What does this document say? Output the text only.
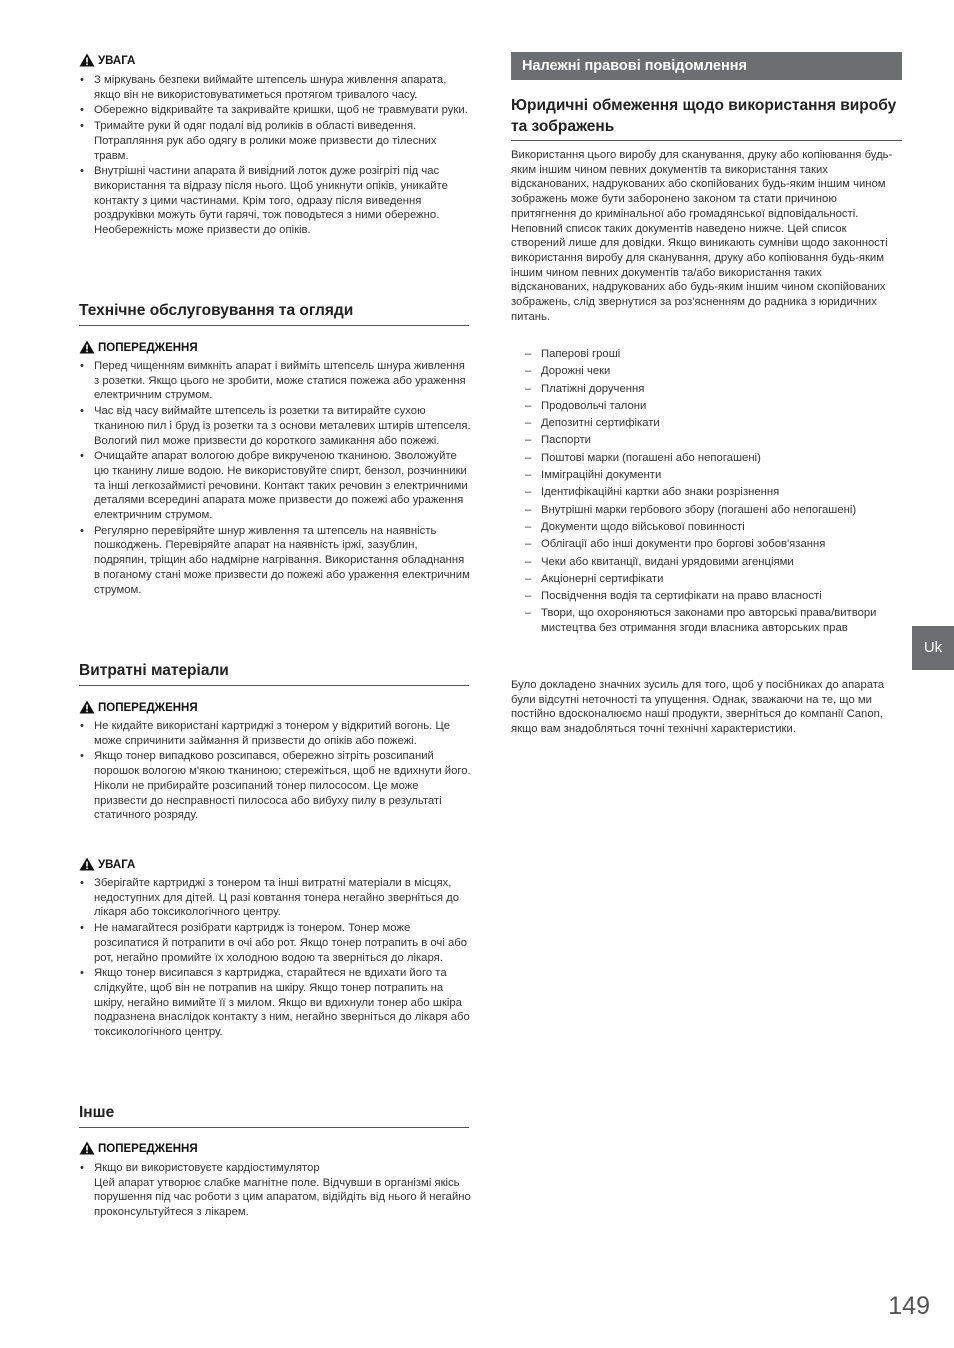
УВАГА
• З міркувань безпеки виймайте штепсель шнура живлення апарата, якщо він не використовуватиметься протягом тривалого часу.
• Обережно відкривайте та закривайте кришки, щоб не травмувати руки.
• Тримайте руки й одяг подалі від роликів в області виведення. Потрапляння рук або одягу в ролики може призвести до тілесних травм.
• Внутрішні частини апарата й вивідний лоток дуже розігріті під час використання та відразу після нього. Щоб уникнути опіків, уникайте контакту з цими частинами. Крім того, одразу після виведення роздруківки можуть бути гарячі, тож поводьтеся з ними обережно. Необережність може призвести до опіків.
Технічне обслуговування та огляди
ПОПЕРЕДЖЕННЯ
• Перед чищенням вимкніть апарат і вийміть штепсель шнура живлення з розетки. Якщо цього не зробити, може статися пожежа або ураження електричним струмом.
• Час від часу виймайте штепсель із розетки та витирайте сухою тканиною пил і бруд із розетки та з основи металевих штирів штепселя. Вологий пил може призвести до короткого замикання або пожежі.
• Очищайте апарат вологою добре викрученою тканиною. Зволожуйте цю тканину лише водою. Не використовуйте спирт, бензол, розчинники та інші легкозаймисті речовини. Контакт таких речовин з електричними деталями всередині апарата може призвести до пожежі або ураження електричним струмом.
• Регулярно перевіряйте шнур живлення та штепсель на наявність пошкоджень. Перевіряйте апарат на наявність іржі, зазублин, подряпин, тріщин або надмірне нагрівання. Використання обладнання в поганому стані може призвести до пожежі або ураження електричним струмом.
Витратні матеріали
ПОПЕРЕДЖЕННЯ
• Не кидайте використані картриджі з тонером у відкритий вогонь. Це може спричинити займання й призвести до опіків або пожежі.
• Якщо тонер випадково розсипався, обережно зітріть розсипаний порошок вологою м'якою тканиною; стережіться, щоб не вдихнути його. Ніколи не прибирайте розсипаний тонер пилососом. Це може призвести до несправності пилососа або вибуху пилу в результаті статичного розряду.
УВАГА
• Зберігайте картриджі з тонером та інші витратні матеріали в місцях, недоступних для дітей. Ц разі ковтання тонера негайно зверніться до лікаря або токсикологічного центру.
• Не намагайтеся розібрати картридж із тонером. Тонер може розсипатися й потрапити в очі або рот. Якщо тонер потрапить в очі або рот, негайно промийте їх холодною водою та зверніться до лікаря.
• Якщо тонер висипався з картриджа, старайтеся не вдихати його та слідкуйте, щоб він не потрапив на шкіру. Якщо тонер потрапить на шкіру, негайно вимийте її з милом. Якщо ви вдихнули тонер або шкіра подразнена внаслідок контакту з ним, негайно зверніться до лікаря або токсикологічного центру.
Інше
ПОПЕРЕДЖЕННЯ
• Якщо ви використовуєте кардіостимулятор
Цей апарат утворює слабке магнітне поле. Відчувши в організмі якісь порушення під час роботи з цим апаратом, відійдіть від нього й негайно проконсультуйтеся з лікарем.
Належні правові повідомлення
Юридичні обмеження щодо використання виробу та зображень

Використання цього виробу для сканування, друку або копіювання будь-яким іншим чином певних документів та використання таких відсканованих, надрукованих або скопійованих будь-яким іншим чином зображень може бути заборонено законом та стати причиною притягнення до кримінальної або громадянської відповідальності. Неповний список таких документів наведено нижче. Цей список створений лише для довідки. Якщо виникають сумніви щодо законності використання виробу для сканування, друку або копіювання будь-яким іншим чином певних документів та/або використання таких відсканованих, надрукованих або будь-яким іншим чином скопійованих зображень, слід звернутися за роз'ясненням до радника з юридичних питань.

– Паперові гроші
– Дорожні чеки
– Платіжні доручення
– Продовольчі талони
– Депозитні сертифікати
– Паспорти
– Поштові марки (погашені або непогашені)
– Імміграційні документи
– Ідентифікаційні картки або знаки розрізнення
– Внутрішні марки гербового збору (погашені або непогашені)
– Документи щодо військової повинності
– Облігації або інші документи про боргові зобов'язання
– Чеки або квитанції, видані урядовими агенціями
– Акціонерні сертифікати
– Посвідчення водія та сертифікати на право власності
– Твори, що охороняються законами про авторські права/витвори мистецтва без отримання згоди власника авторських прав

Було докладено значних зусиль для того, щоб у посібниках до апарата були відсутні неточності та упущення. Однак, зважаючи на те, що ми постійно вдосконалюємо наші продукти, зверніться до компанії Canon, якщо вам знадобляться точні технічні характеристики.

Uk
149
